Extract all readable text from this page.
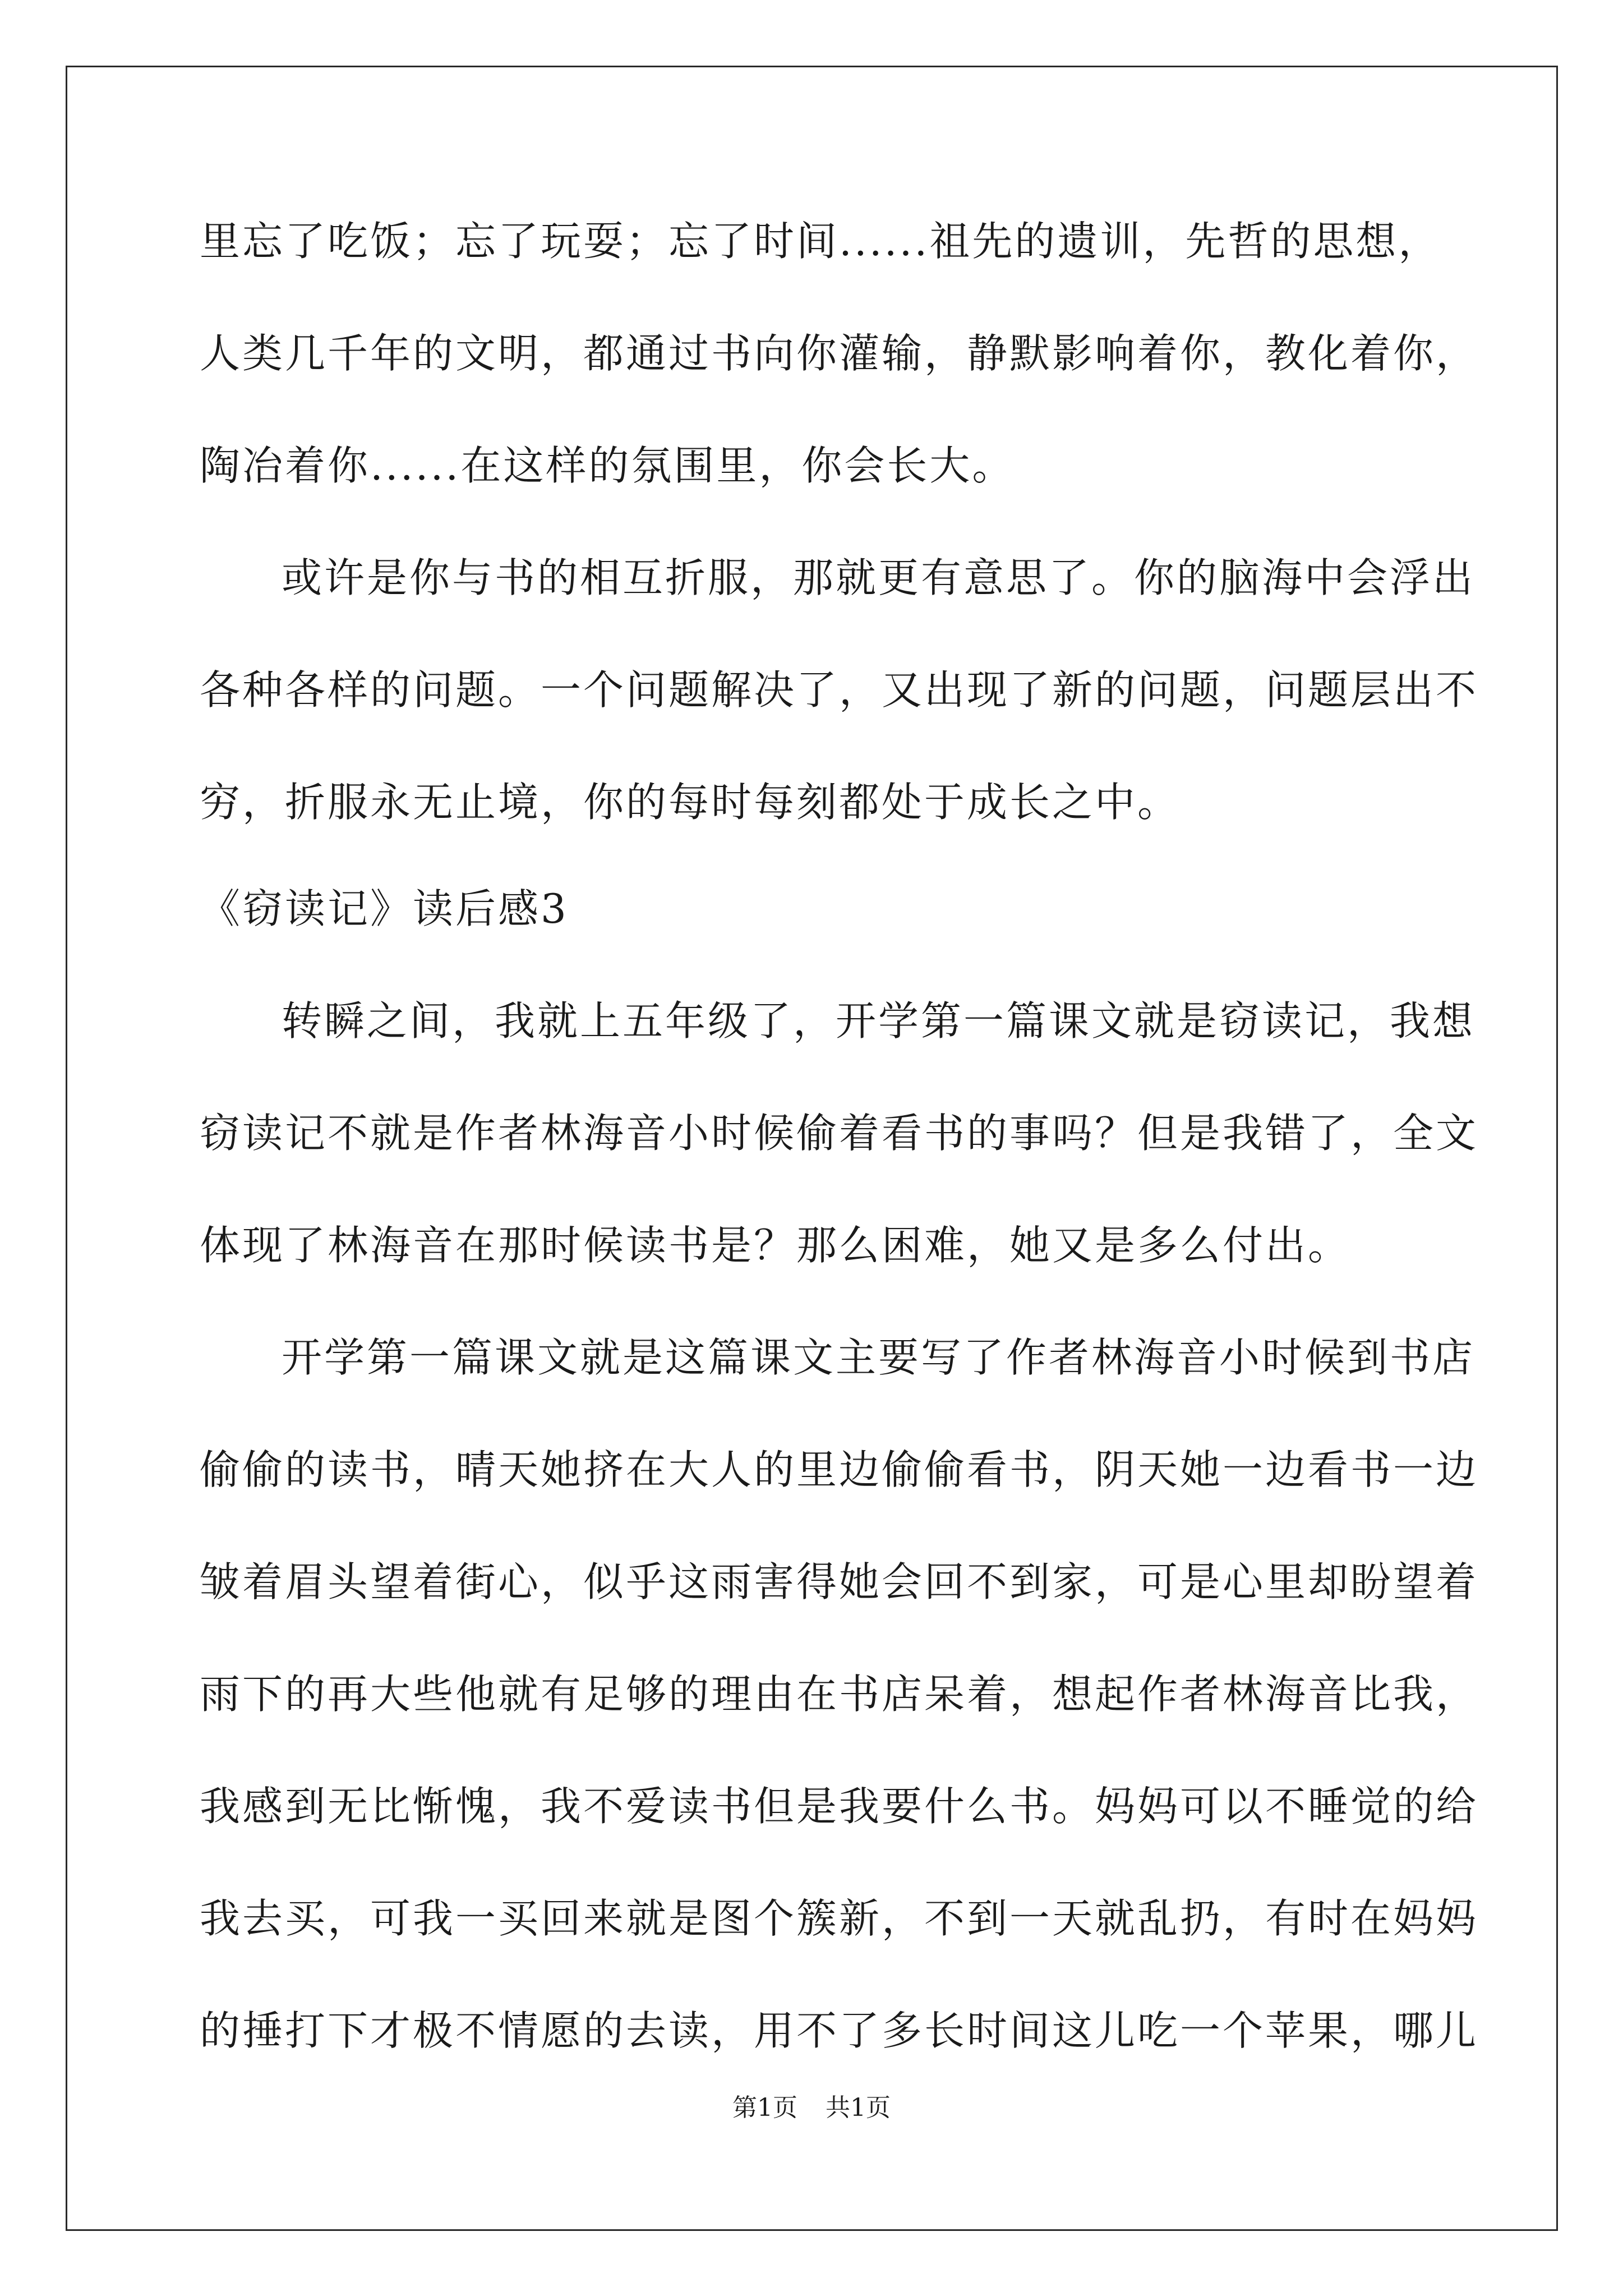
里忘了吃饭；忘了玩耍；忘了时间......祖先的遗训，先哲的思想，
人类几千年的文明，都通过书向你灌输，静默影响着你，教化着你，
陶冶着你......在这样的氛围里，你会长大。
或许是你与书的相互折服，那就更有意思了。你的脑海中会浮出
各种各样的问题。一个问题解决了，又出现了新的问题，问题层出不
穷，折服永无止境，你的每时每刻都处于成长之中。
《窃读记》读后感3
转瞬之间，我就上五年级了，开学第一篇课文就是窃读记，我想
窃读记不就是作者林海音小时候偷着看书的事吗？但是我错了，全文
体现了林海音在那时候读书是？那么困难，她又是多么付出。
开学第一篇课文就是这篇课文主要写了作者林海音小时候到书店
偷偷的读书，晴天她挤在大人的里边偷偷看书，阴天她一边看书一边
皱着眉头望着街心，似乎这雨害得她会回不到家，可是心里却盼望着
雨下的再大些他就有足够的理由在书店呆着，想起作者林海音比我，
我感到无比惭愧，我不爱读书但是我要什么书。妈妈可以不睡觉的给
我去买，可我一买回来就是图个簇新，不到一天就乱扔，有时在妈妈
的捶打下才极不情愿的去读，用不了多长时间这儿吃一个苹果，哪儿
第1页 共1页
